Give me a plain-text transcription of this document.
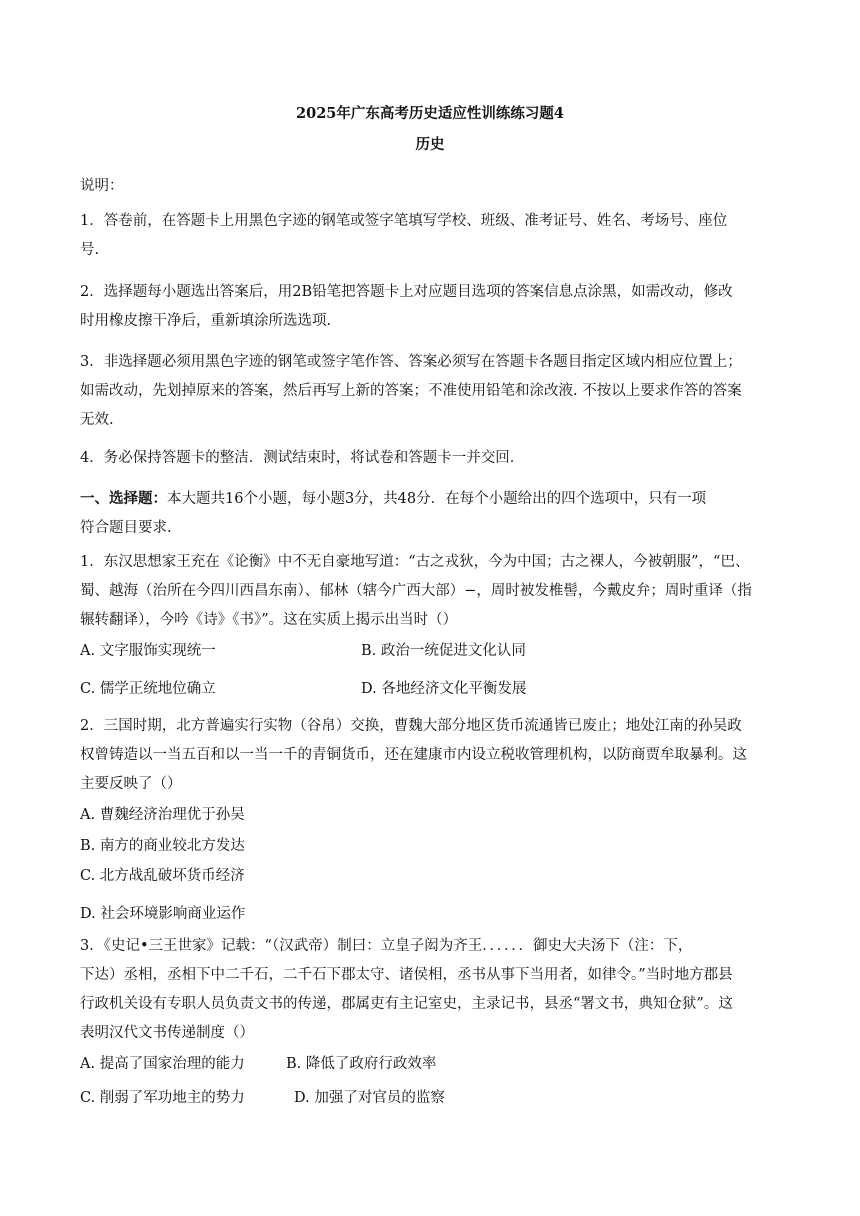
2025年广东高考历史适应性训练练习题4
历史
说明：
1．答卷前，在答题卡上用黑色字迹的钢笔或签字笔填写学校、班级、准考证号、姓名、考场号、座位
号.
2．选择题每小题选出答案后，用2B铅笔把答题卡上对应题目选项的答案信息点涂黑，如需改动，修改
时用橡皮擦干净后，重新填涂所选选项.
3．非选择题必须用黑色字迹的钢笔或签字笔作答、答案必须写在答题卡各题目指定区域内相应位置上；
如需改动，先划掉原来的答案，然后再写上新的答案；不准使用铅笔和涂改液. 不按以上要求作答的答案
无效.
4．务必保持答题卡的整洁．测试结束时，将试卷和答题卡一并交回．
一、选择题：本大题共16个小题，每小题3分，共48分．在每个小题给出的四个选项中，只有一项
符合题目要求.
1．东汉思想家王充在《论衡》中不无自豪地写道：“古之戎狄，今为中国；古之裸人，今被朝服”，“巴、
蜀、越海（治所在今四川西昌东南）、郁林（辖今广西大部）−，周时被发椎髻，今戴皮弁；周时重译（指
辗转翻译），今吟《诗》《书》”。这在实质上揭示出当时（）
A. 文字服饰实现统一	B. 政治一统促进文化认同
C. 儒学正统地位确立	D. 各地经济文化平衡发展
2．三国时期，北方普遍实行实物（谷帛）交换，曹魏大部分地区货币流通皆已废止；地处江南的孙吴政
权曾铸造以一当五百和以一当一千的青铜货币，还在建康市内设立税收管理机构，以防商贾牟取暴利。这
主要反映了（）
A. 曹魏经济治理优于孙吴
B. 南方的商业较北方发达
C. 北方战乱破坏货币经济
D. 社会环境影响商业运作
3．《史记•三王世家》记载：“（汉武帝）制曰：立皇子闳为齐王．．．．．．御史大夫汤下（注：下，
下达）丞相，丞相下中二千石，二千石下郡太守、诸侯相，丞书从事下当用者，如律令。”当时地方郡县
行政机关设有专职人员负责文书的传递，郡属吏有主记室史，主录记书，县丞“署文书，典知仓狱”。这
表明汉代文书传递制度（）
A. 提高了国家治理的能力	B. 降低了政府行政效率
C. 削弱了军功地主的势力	D. 加强了对官员的监察
